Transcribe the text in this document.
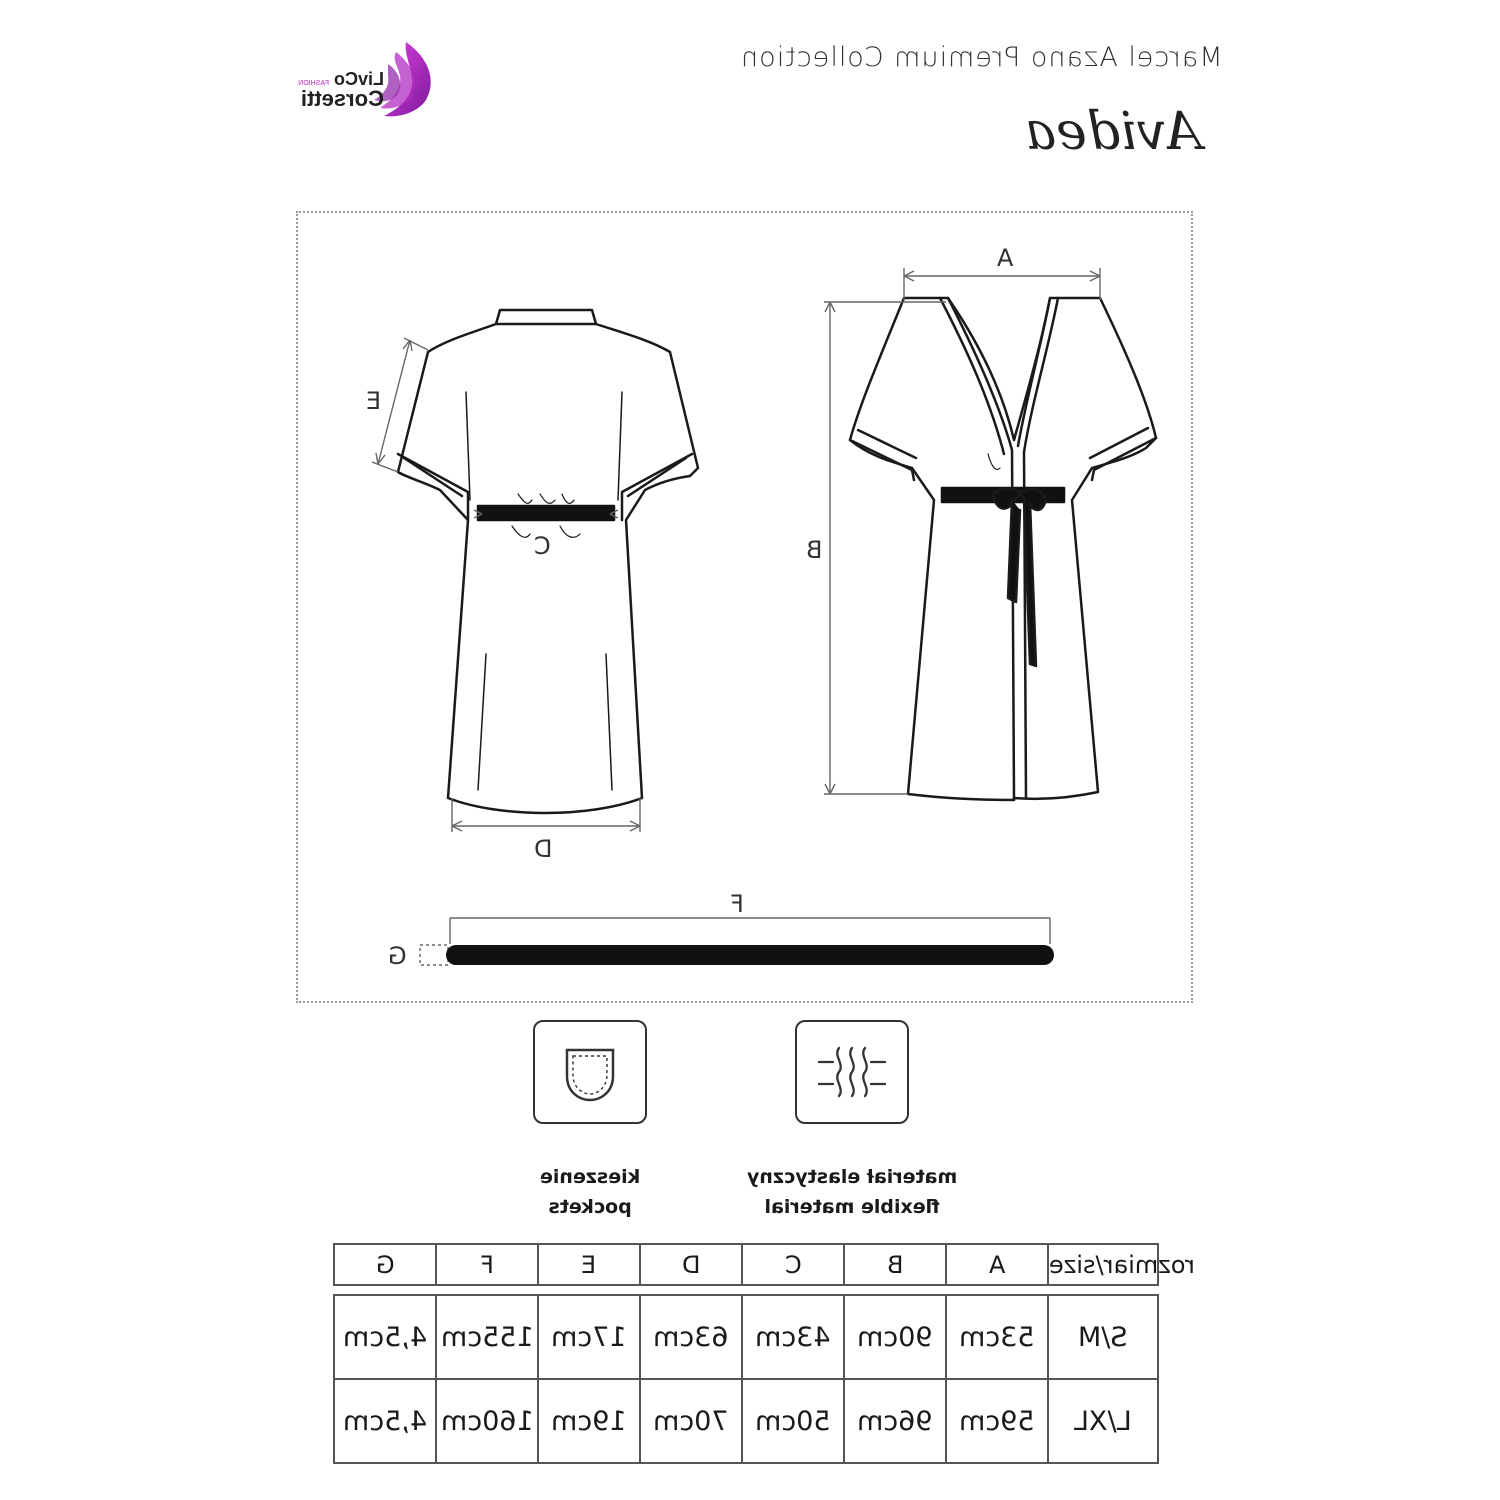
Marcel Azano Premium Collection
Avidea
LivCo FASHION
Corsetti
A
B
C
D
E
F
G
kieszenie
pockets
materiał elastyczny
flexible material
G	F	E	D	C	B	A	rozmiar/size

4,5cm	155cm	17cm	63cm	43cm	90cm	53cm	S/M
4,5cm	160cm	19cm	70cm	50cm	96cm	59cm	L/XL
